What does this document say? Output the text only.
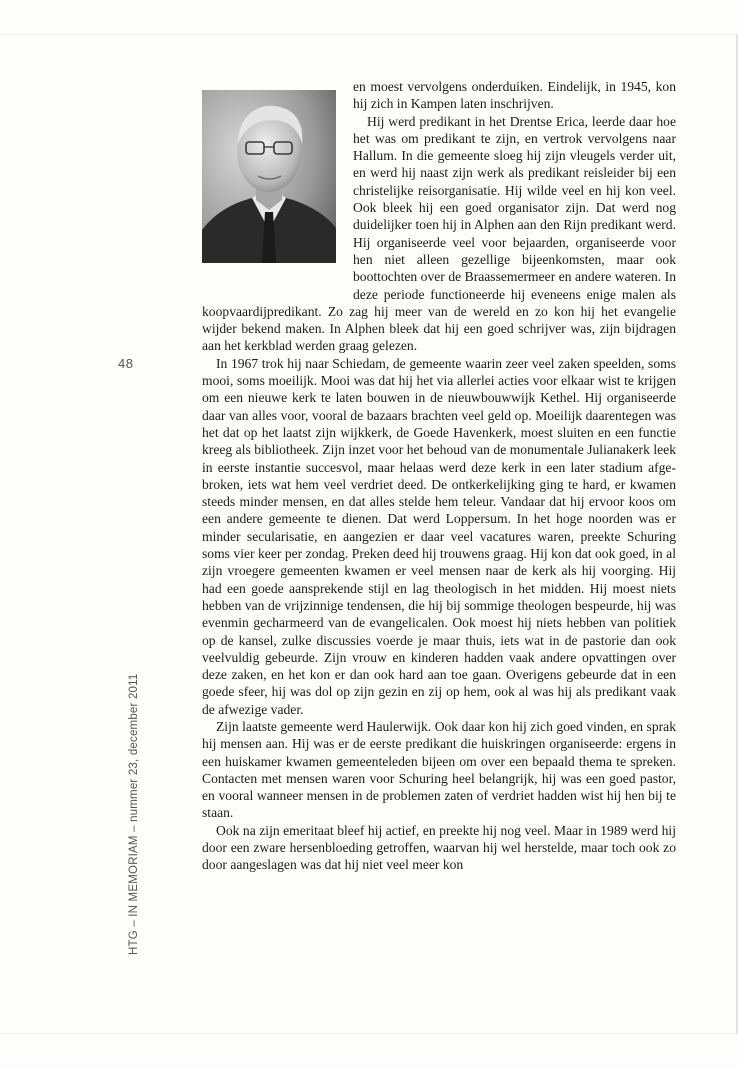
48
HTG – IN MEMORIAM – nummer 23, december 2011

en moest vervolgens onderduiken. Eindelijk, in 1945, kon hij zich in Kampen laten inschrijven.

Hij werd predikant in het Drentse Erica, leerde daar hoe het was om predikant te zijn, en vertrok vervolgens naar Hallum. In die gemeente sloeg hij zijn vleugels verder uit, en werd hij naast zijn werk als predikant reisleider bij een christelijke reisorganisatie. Hij wilde veel en hij kon veel. Ook bleek hij een goed organisator zijn. Dat werd nog duidelijker toen hij in Alphen aan den Rijn predikant werd. Hij organiseerde veel voor bejaarden, organiseerde voor hen niet alleen gezellige bijeenkomsten, maar ook boottochten over de Braassemermeer en andere wateren. In deze periode functioneerde hij eveneens enige malen als koopvaardijpredikant. Zo zag hij meer van de wereld en zo kon hij het evangelie wijder bekend maken. In Alphen bleek dat hij een goed schrijver was, zijn bijdragen aan het kerkblad werden graag gelezen.

In 1967 trok hij naar Schiedam, de gemeente waarin zeer veel zaken speelden, soms mooi, soms moeilijk. Mooi was dat hij het via allerlei acties voor elkaar wist te krijgen om een nieuwe kerk te laten bouwen in de nieuwbouwwijk Kethel. Hij organiseerde daar van alles voor, vooral de bazaars brachten veel geld op. Moeilijk daarentegen was het dat op het laatst zijn wijkkerk, de Goede Havenkerk, moest sluiten en een functie kreeg als bibliotheek. Zijn inzet voor het behoud van de monumentale Julianakerk leek in eerste instantie succesvol, maar helaas werd deze kerk in een later stadium afgebroken, iets wat hem veel verdriet deed. De ontkerkelijking ging te hard, er kwamen steeds minder mensen, en dat alles stelde hem teleur. Vandaar dat hij ervoor koos om een andere gemeente te dienen. Dat werd Loppersum. In het hoge noorden was er minder secularisatie, en aangezien er daar veel vacatures waren, preekte Schuring soms vier keer per zondag. Preken deed hij trouwens graag. Hij kon dat ook goed, in al zijn vroegere gemeenten kwamen er veel mensen naar de kerk als hij voorging. Hij had een goede aansprekende stijl en lag theologisch in het midden. Hij moest niets hebben van de vrijzinnige tendensen, die hij bij sommige theologen bespeurde, hij was evenmin gecharmeerd van de evangelicalen. Ook moest hij niets hebben van politiek op de kansel, zulke discussies voerde je maar thuis, iets wat in de pastorie dan ook veelvuldig gebeurde. Zijn vrouw en kinderen hadden vaak andere opvattingen over deze zaken, en het kon er dan ook hard aan toe gaan. Overigens gebeurde dat in een goede sfeer, hij was dol op zijn gezin en zij op hem, ook al was hij als predikant vaak de afwezige vader.

Zijn laatste gemeente werd Haulerwijk. Ook daar kon hij zich goed vinden, en sprak hij mensen aan. Hij was er de eerste predikant die huiskringen organiseerde: ergens in een huiskamer kwamen gemeenteleden bijeen om over een bepaald thema te spreken. Contacten met mensen waren voor Schuring heel belangrijk, hij was een goed pastor, en vooral wanneer mensen in de problemen zaten of verdriet hadden wist hij hen bij te staan.

Ook na zijn emeritaat bleef hij actief, en preekte hij nog veel. Maar in 1989 werd hij door een zware hersenbloeding getroffen, waarvan hij wel herstelde, maar toch ook zo door aangeslagen was dat hij niet veel meer kon
